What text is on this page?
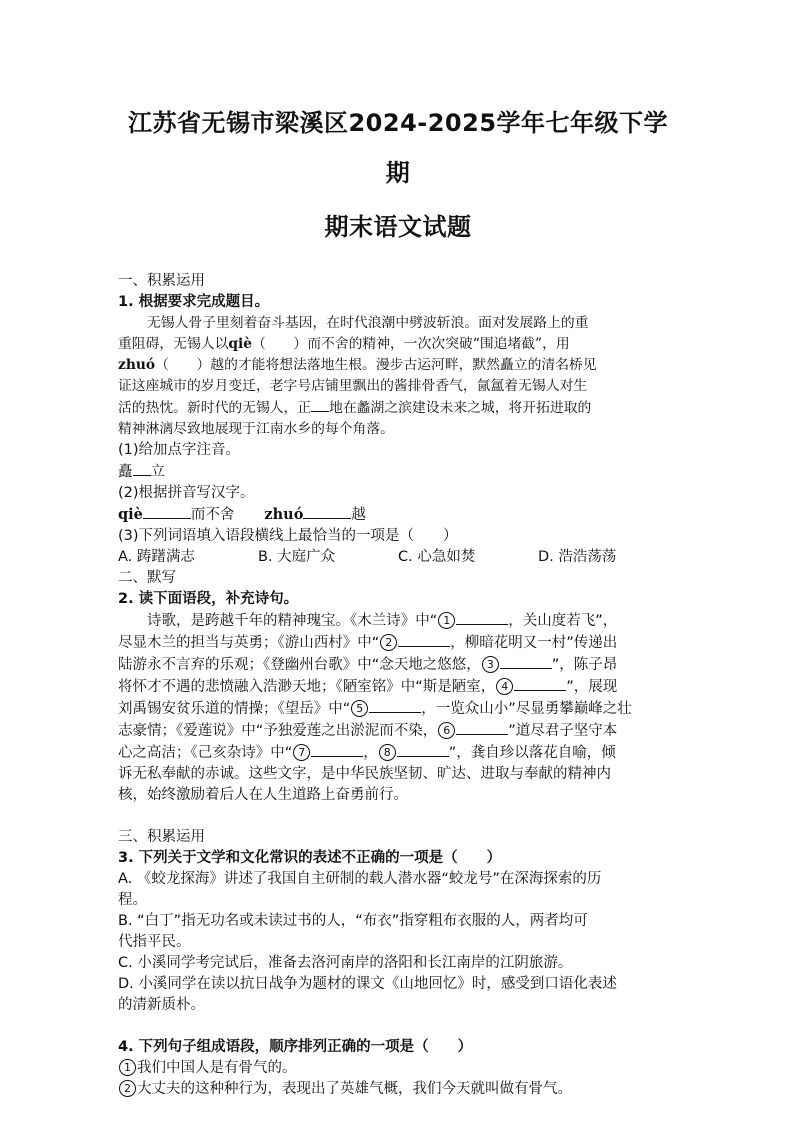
江苏省无锡市梁溪区2024-2025学年七年级下学期
期末语文试题
一、积累运用
1. 根据要求完成题目。
无锡人骨子里刻着奋斗基因，在时代浪潮中劈波斩浪。面对发展路上的重
重阻碍，无锡人以qiè（　　）而不舍的精神，一次次突破“围追堵截”，用
zhuó（　　）越的才能将想法落地生根。漫步古运河畔，默然矗立的清名桥见
证这座城市的岁月变迁，老字号店铺里飘出的酱排骨香气，氤氲着无锡人对生
活的热忱。新时代的无锡人，正 地在蠡湖之滨建设未来之城，将开拓进取的
精神淋漓尽致地展现于江南水乡的每个角落。
(1)给加点字注音。
矗 立
(2)根据拼音写汉字。
qiè	而不舍 zhuó	越
(3)下列词语填入语段横线上最恰当的一项是（　　）
A. 踌躇满志	B. 大庭广众	C. 心急如焚	D. 浩浩荡荡
二、默写
2. 读下面语段，补充诗句。
诗歌，是跨越千年的精神瑰宝。《木兰诗》中“ 1	，关山度若飞”，
尽显木兰的担当与英勇；《游山西村》中“ 2	，柳暗花明又一村”传递出
陆游永不言弃的乐观；《登幽州台歌》中“念天地之悠悠， 3	”，陈子昂
将怀才不遇的悲愤融入浩渺天地；《陋室铭》中“斯是陋室， 4	”，展现
刘禹锡安贫乐道的情操；《望岳》中“ 5	，一览众山小”尽显勇攀巅峰之壮
志豪情；《爱莲说》中“予独爱莲之出淤泥而不染， 6	”道尽君子坚守本
心之高洁；《己亥杂诗》中“ 7	， 8	”，龚自珍以落花自喻，倾
诉无私奉献的赤诚。这些文字，是中华民族坚韧、旷达、进取与奉献的精神内
核，始终激励着后人在人生道路上奋勇前行。
三、积累运用
3. 下列关于文学和文化常识的表述不正确的一项是（　　）
A. 《蛟龙探海》讲述了我国自主研制的载人潜水器“蛟龙号”在深海探索的历
程。
B. “白丁”指无功名或未读过书的人，“布衣”指穿粗布衣服的人，两者均可
代指平民。
C. 小溪同学考完试后，准备去洛河南岸的洛阳和长江南岸的江阴旅游。
D. 小溪同学在读以抗日战争为题材的课文《山地回忆》时，感受到口语化表述
的清新质朴。
4. 下列句子组成语段，顺序排列正确的一项是（　　）
1 我们中国人是有骨气的。
2 大丈夫的这种种行为，表现出了英雄气概，我们今天就叫做有骨气。
